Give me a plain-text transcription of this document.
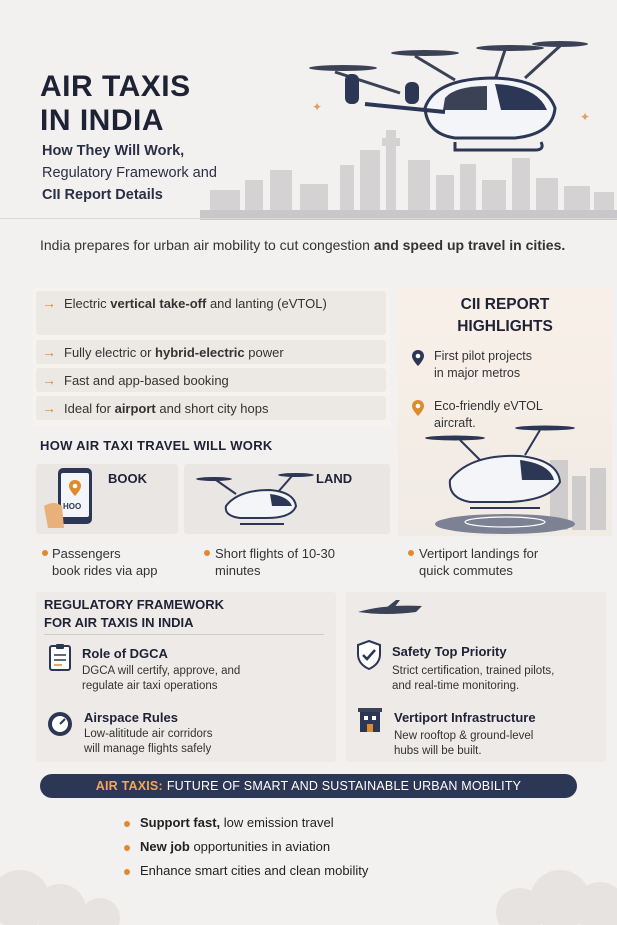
✦
✦
AIR TAXIS
IN INDIA
How They Will Work,
Regulatory Framework and
CII Report Details
India prepares for urban air mobility to cut congestion and speed up travel in cities.
→ Electric vertical take-off and lanting (eVTOL)
→ Fully electric or hybrid-electric power
→ Fast and app-based booking
→ Ideal for airport and short city hops
CII REPORT
HIGHLIGHTS
First pilot projects
in major metros
Eco-friendly eVTOL
aircraft.
HOW AIR TAXI TRAVEL WILL WORK
BOOK
HOO
LAND
Passengers
book rides via app
Short flights of 10-30
minutes
Vertiport landings for
quick commutes
REGULATORY FRAMEWORK
FOR AIR TAXIS IN INDIA
Role of DGCA
DGCA will certify, approve, and
regulate air taxi operations
Airspace Rules
Low-alititude air corridors
will manage flights safely
Safety Top Priority
Strict certification, trained pilots,
and real-time monitoring.
Vertiport Infrastructure
New rooftop & ground-level
hubs will be built.
AIR TAXIS: FUTURE OF SMART AND SUSTAINABLE URBAN MOBILITY
Support fast, low emission travel
New job opportunities in aviation
Enhance smart cities and clean mobility
